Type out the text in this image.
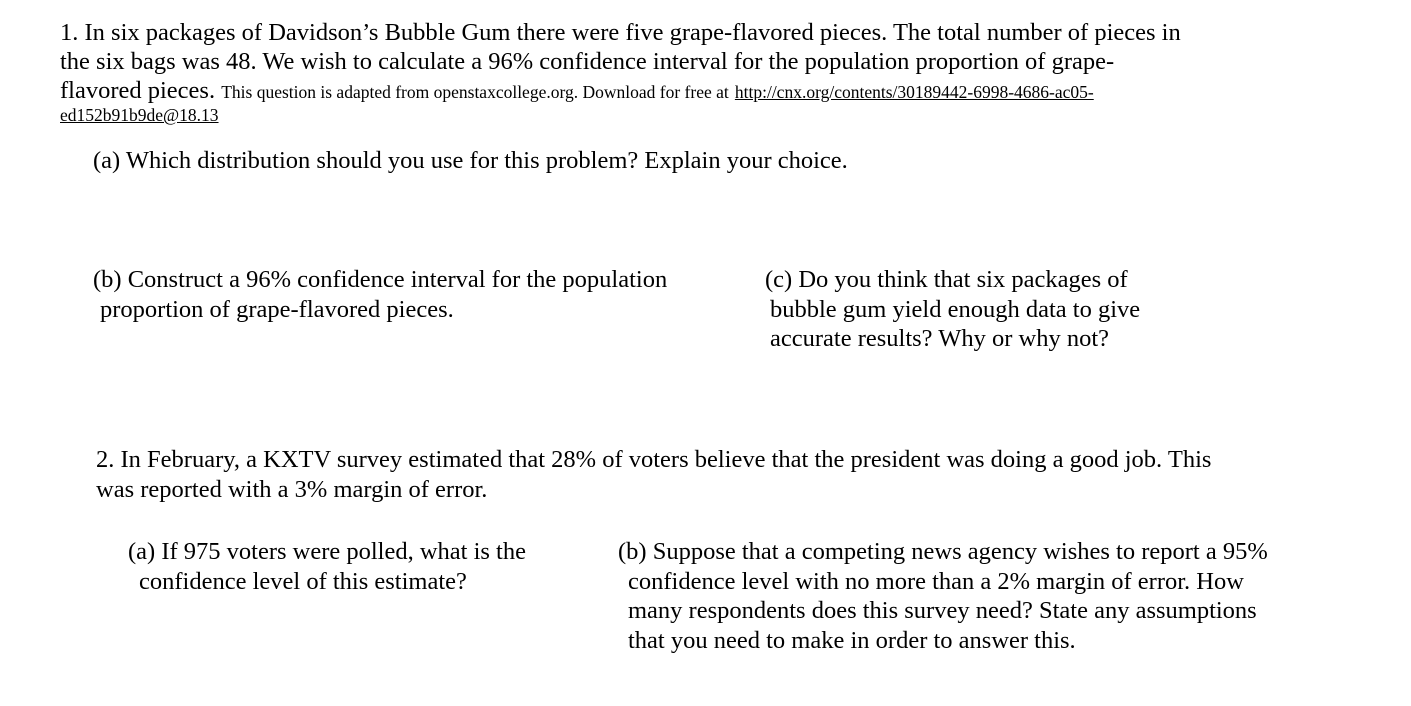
1. In six packages of Davidson’s Bubble Gum there were five grape-flavored pieces. The total number of pieces in
the six bags was 48. We wish to calculate a 96% confidence interval for the population proportion of grape-
flavored pieces. This question is adapted from openstaxcollege.org. Download for free at http://cnx.org/contents/30189442-6998-4686-ac05-
ed152b91b9de@18.13
(a) Which distribution should you use for this problem? Explain your choice.
(b) Construct a 96% confidence interval for the population
proportion of grape-flavored pieces.
(c) Do you think that six packages of
bubble gum yield enough data to give
accurate results? Why or why not?
2. In February, a KXTV survey estimated that 28% of voters believe that the president was doing a good job. This
was reported with a 3% margin of error.
(a) If 975 voters were polled, what is the
confidence level of this estimate?
(b) Suppose that a competing news agency wishes to report a 95%
confidence level with no more than a 2% margin of error. How
many respondents does this survey need? State any assumptions
that you need to make in order to answer this.
